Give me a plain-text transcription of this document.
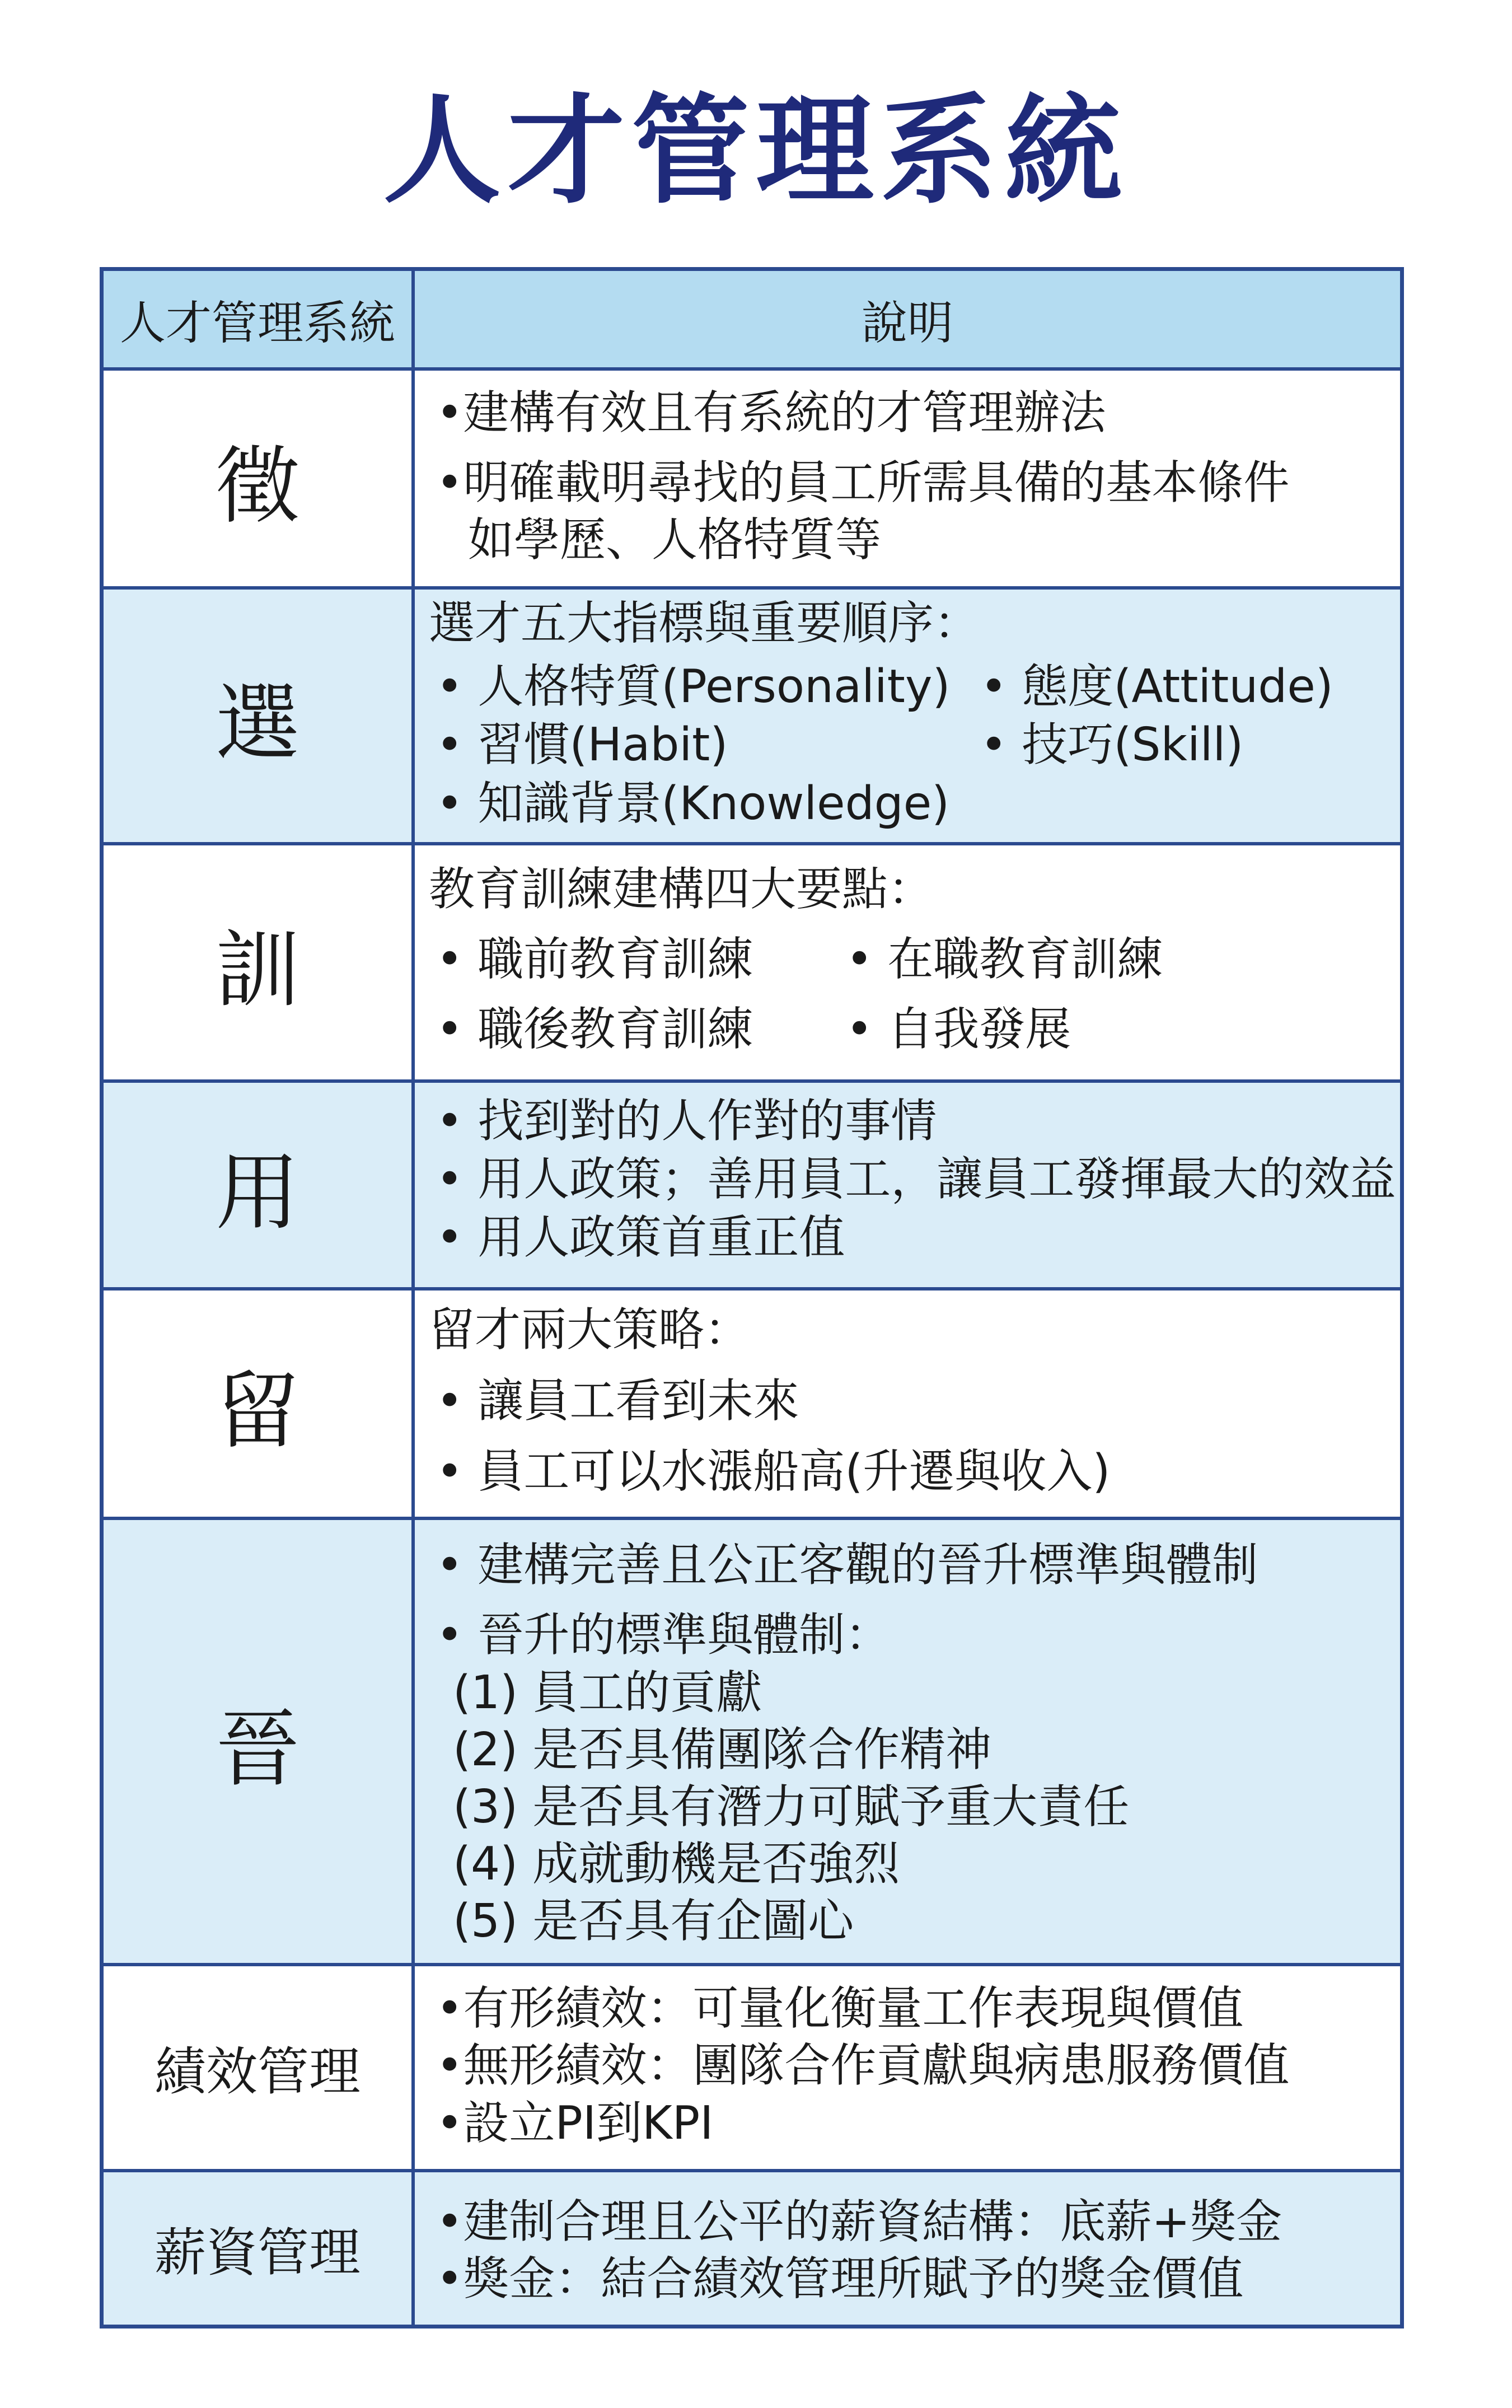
人才管理系統
人才管理系統	說明
徵
•建構有效且有系統的才管理辦法
•明確載明尋找的員工所需具備的基本條件
如學歷、人格特質等
選
選才五大指標與重要順序：
• 人格特質(Personality)
• 習慣(Habit)
• 知識背景(Knowledge)
• 態度(Attitude)
• 技巧(Skill)
訓
教育訓練建構四大要點：
• 職前教育訓練
• 職後教育訓練
• 在職教育訓練
• 自我發展
用
• 找到對的人作對的事情
• 用人政策；善用員工，讓員工發揮最大的效益
• 用人政策首重正值
留
留才兩大策略：
• 讓員工看到未來
• 員工可以水漲船高(升遷與收入)
晉
• 建構完善且公正客觀的晉升標準與體制
• 晉升的標準與體制：
(1) 員工的貢獻
(2) 是否具備團隊合作精神
(3) 是否具有潛力可賦予重大責任
(4) 成就動機是否強烈
(5) 是否具有企圖心
績效管理
•有形績效：可量化衡量工作表現與價值
•無形績效：團隊合作貢獻與病患服務價值
•設立PI到KPI
薪資管理
•建制合理且公平的薪資結構：底薪+獎金
•獎金：結合績效管理所賦予的獎金價值
